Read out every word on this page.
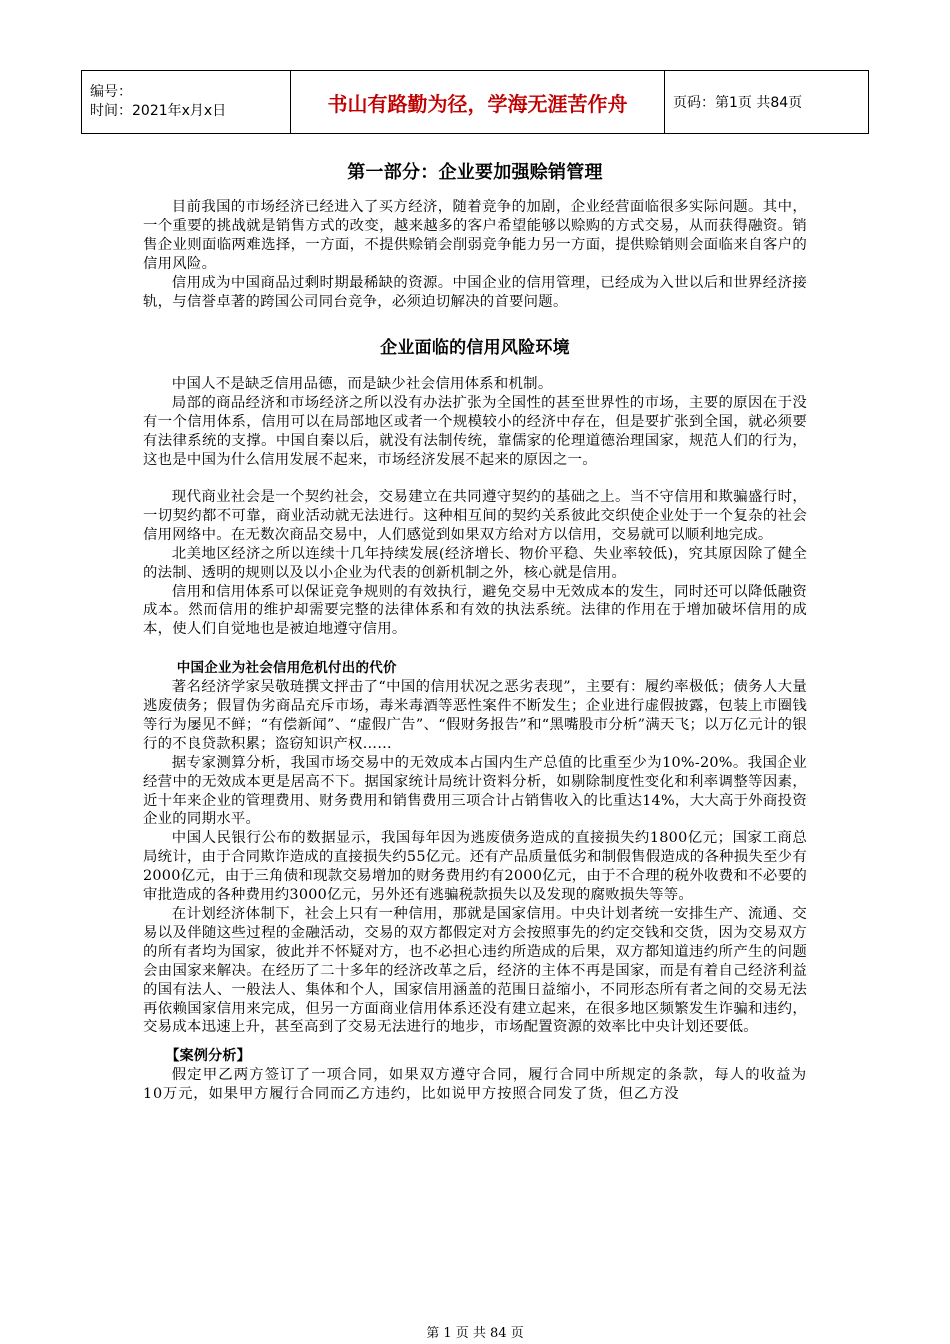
编号：
时间：2021年x月x日	书山有路勤为径，学海无涯苦作舟	页码：第1页 共84页
第一部分：企业要加强赊销管理

目前我国的市场经济已经进入了买方经济，随着竞争的加剧，企业经营面临很多实际问题。其中，一个重要的挑战就是销售方式的改变，越来越多的客户希望能够以赊购的方式交易，从而获得融资。销售企业则面临两难选择，一方面，不提供赊销会削弱竞争能力另一方面，提供赊销则会面临来自客户的信用风险。

信用成为中国商品过剩时期最稀缺的资源。中国企业的信用管理，已经成为入世以后和世界经济接轨，与信誉卓著的跨国公司同台竞争，必须迫切解决的首要问题。

企业面临的信用风险环境

中国人不是缺乏信用品德，而是缺少社会信用体系和机制。

局部的商品经济和市场经济之所以没有办法扩张为全国性的甚至世界性的市场，主要的原因在于没有一个信用体系，信用可以在局部地区或者一个规模较小的经济中存在，但是要扩张到全国，就必须要有法律系统的支撑。中国自秦以后，就没有法制传统，靠儒家的伦理道德治理国家，规范人们的行为，这也是中国为什么信用发展不起来，市场经济发展不起来的原因之一。

现代商业社会是一个契约社会，交易建立在共同遵守契约的基础之上。当不守信用和欺骗盛行时，一切契约都不可靠，商业活动就无法进行。这种相互间的契约关系彼此交织使企业处于一个复杂的社会信用网络中。在无数次商品交易中，人们感觉到如果双方给对方以信用，交易就可以顺利地完成。

北美地区经济之所以连续十几年持续发展(经济增长、物价平稳、失业率较低)，究其原因除了健全的法制、透明的规则以及以小企业为代表的创新机制之外，核心就是信用。

信用和信用体系可以保证竞争规则的有效执行，避免交易中无效成本的发生，同时还可以降低融资成本。然而信用的维护却需要完整的法律体系和有效的执法系统。法律的作用在于增加破坏信用的成本，使人们自觉地也是被迫地遵守信用。

中国企业为社会信用危机付出的代价

著名经济学家吴敬琏撰文抨击了“中国的信用状况之恶劣表现”，主要有：履约率极低；债务人大量逃废债务；假冒伪劣商品充斥市场，毒米毒酒等恶性案件不断发生；企业进行虚假披露，包装上市圈钱等行为屡见不鲜；“有偿新闻”、“虚假广告”、“假财务报告”和“黑嘴股市分析”满天飞；以万亿元计的银行的不良贷款积累；盗窃知识产权……

据专家测算分析，我国市场交易中的无效成本占国内生产总值的比重至少为10%-20%。我国企业经营中的无效成本更是居高不下。据国家统计局统计资料分析，如剔除制度性变化和利率调整等因素，近十年来企业的管理费用、财务费用和销售费用三项合计占销售收入的比重达14%，大大高于外商投资企业的同期水平。

中国人民银行公布的数据显示，我国每年因为逃废债务造成的直接损失约1800亿元；国家工商总局统计，由于合同欺诈造成的直接损失约55亿元。还有产品质量低劣和制假售假造成的各种损失至少有2000亿元，由于三角债和现款交易增加的财务费用约有2000亿元，由于不合理的税外收费和不必要的审批造成的各种费用约3000亿元，另外还有逃骗税款损失以及发现的腐败损失等等。

在计划经济体制下，社会上只有一种信用，那就是国家信用。中央计划者统一安排生产、流通、交易以及伴随这些过程的金融活动，交易的双方都假定对方会按照事先的约定交钱和交货，因为交易双方的所有者均为国家，彼此并不怀疑对方，也不必担心违约所造成的后果，双方都知道违约所产生的问题会由国家来解决。在经历了二十多年的经济改革之后，经济的主体不再是国家，而是有着自己经济利益的国有法人、一般法人、集体和个人，国家信用涵盖的范围日益缩小，不同形态所有者之间的交易无法再依赖国家信用来完成，但另一方面商业信用体系还没有建立起来，在很多地区频繁发生诈骗和违约，交易成本迅速上升，甚至高到了交易无法进行的地步，市场配置资源的效率比中央计划还要低。

【案例分析】

假定甲乙两方签订了一项合同，如果双方遵守合同，履行合同中所规定的条款，每人的收益为10万元，如果甲方履行合同而乙方违约，比如说甲方按照合同发了货，但乙方没

第 1 页 共 84 页
